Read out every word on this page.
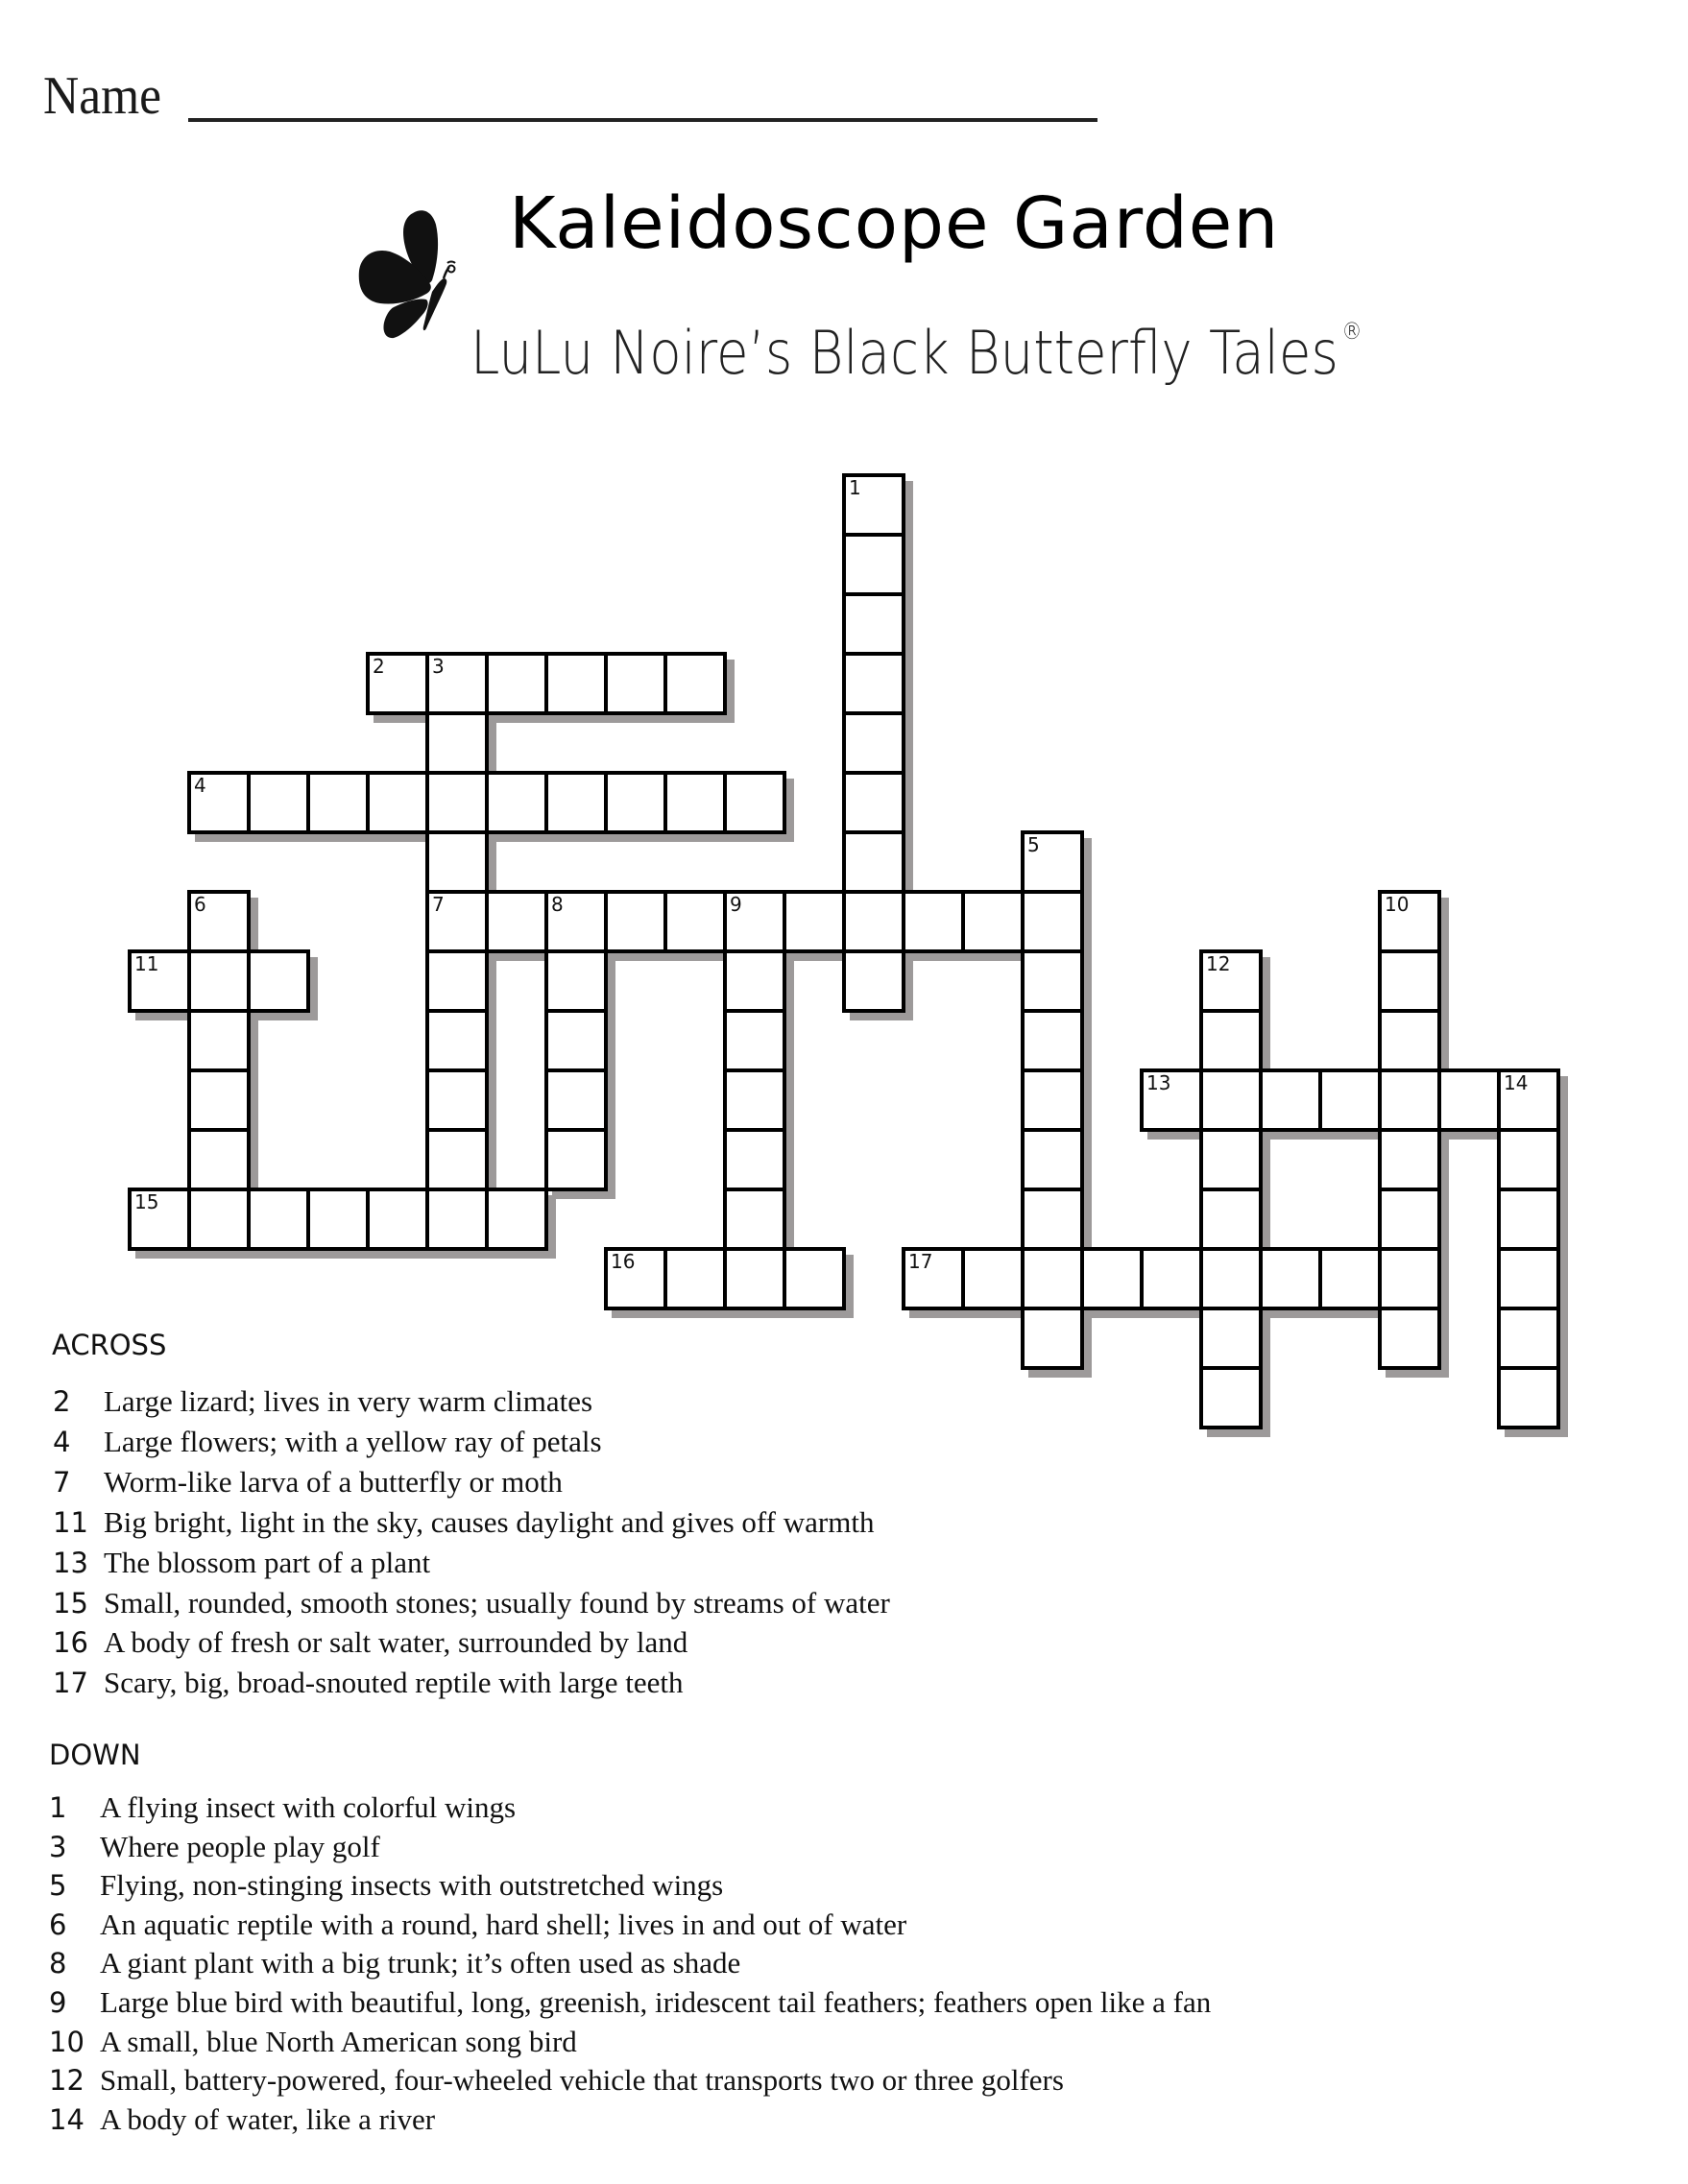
Name
Kaleidoscope Garden
LuLu Noire’s Black Butterfly Tales ®
1
2 3
7
4
5
6	8	9	10
11	12
13	14
15
16	17
ACROSS
2 Large lizard; lives in very warm climates
4 Large flowers; with a yellow ray of petals
7 Worm-like larva of a butterfly or moth
11 Big bright, light in the sky, causes daylight and gives off warmth
13 The blossom part of a plant
15 Small, rounded, smooth stones; usually found by streams of water
16 A body of fresh or salt water, surrounded by land
17 Scary, big, broad-snouted reptile with large teeth
DOWN
1 A flying insect with colorful wings
3 Where people play golf
5 Flying, non-stinging insects with outstretched wings
6 An aquatic reptile with a round, hard shell; lives in and out of water
8 A giant plant with a big trunk; it’s often used as shade
9 Large blue bird with beautiful, long, greenish, iridescent tail feathers; feathers open like a fan
10 A small, blue North American song bird
12 Small, battery-powered, four-wheeled vehicle that transports two or three golfers
14 A body of water, like a river
